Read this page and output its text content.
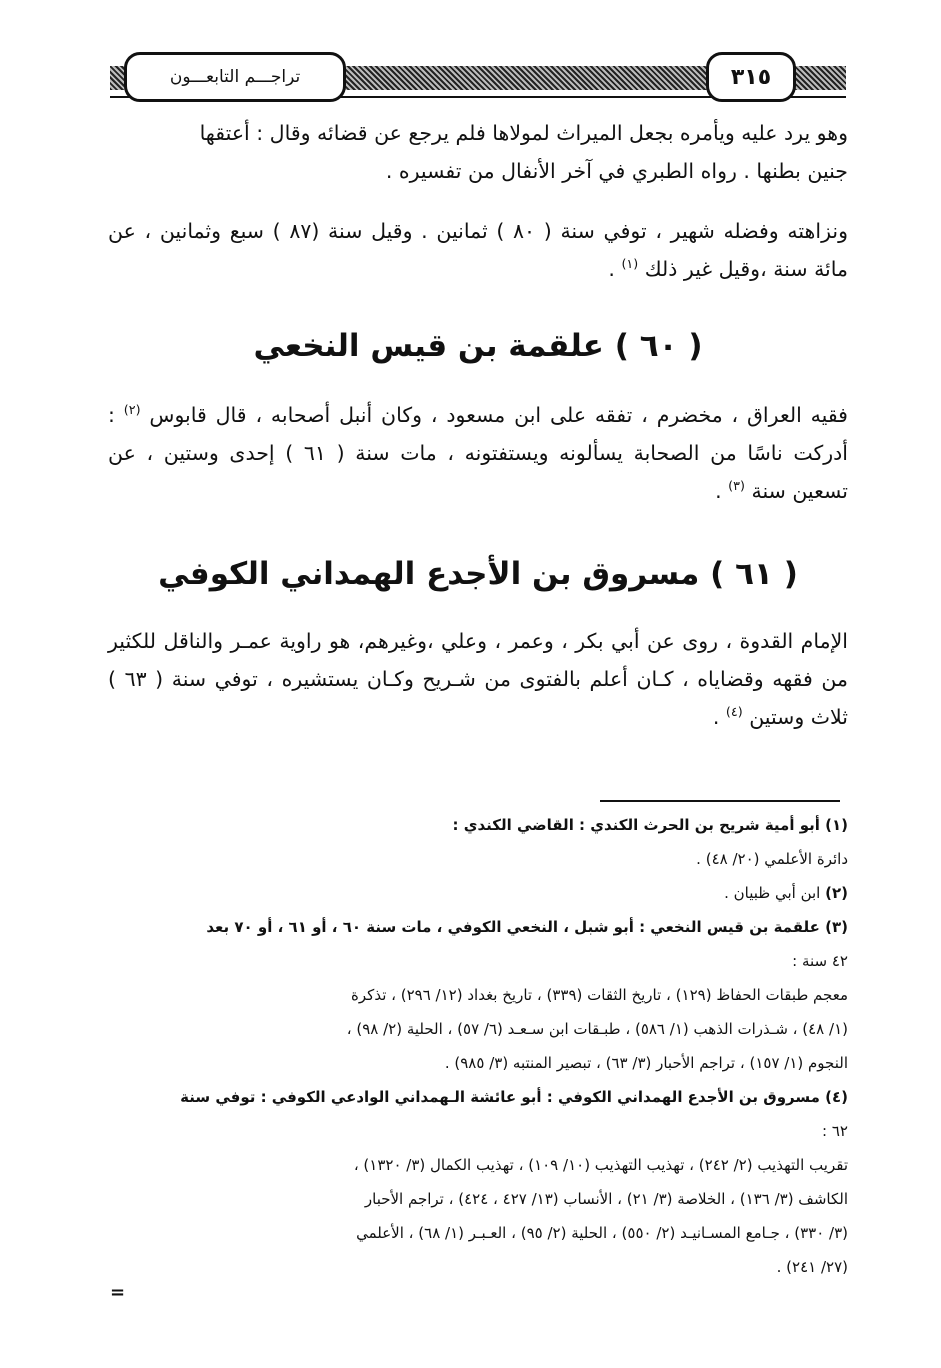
٣١٥
تراجـــم التابعـــون
وهو يرد عليه ويأمره بجعل الميراث لمولاها فلم يرجع عن قضائه وقال : أعتقها
جنين بطنها . رواه الطبري في آخر الأنفال من تفسيره .
ونزاهته وفضله شهير ، توفي سنة ( ٨٠ ) ثمانين . وقيل سنة (٨٧ ) سبع وثمانين ، عن مائة سنة ،وقيل غير ذلك $^{(١)}$ .
( ٦٠ ) علقمة بن قيس النخعي
فقيه العراق ، مخضرم ، تفقه على ابن مسعود ، وكان أنبل أصحابه ، قال قابوس $^{(٢)}$ : أدركت ناسًا من الصحابة يسألونه ويستفتونه ، مات سنة ( ٦١ ) إحدى وستين ، عن تسعين سنة $^{(٣)}$ .
( ٦١ ) مسروق بن الأجدع الهمداني الكوفي
الإمام القدوة ، روى عن أبي بكر ، وعمر ، وعلي ،وغيرهم، هو راوية عمـر والناقل للكثير من فقهه وقضاياه ، كـان أعلم بالفتوى من شـريح وكـان يستشيره ، توفي سنة ( ٦٣ ) ثلاث وستين $^{(٤)}$ .
(١) أبو أمية شريح بن الحرث الكندي : القاضي الكندي :
دائرة الأعلمي (٢٠/ ٤٨) .
(٢) ابن أبي ظبيان .
(٣) علقمة بن قيس النخعي : أبو شبل ، النخعي الكوفي ، مات سنة ٦٠ ، أو ٦١ ، أو ٧٠ بعد
٤٢ سنة :
معجم طبقات الحفاظ (١٢٩) ، تاريخ الثقات (٣٣٩) ، تاريخ بغداد (١٢/ ٢٩٦) ، تذكرة
(١/ ٤٨) ، شـذرات الذهب (١/ ٥٨٦) ، طبـقات ابن سـعـد (٦/ ٥٧) ، الحلية (٢/ ٩٨) ،
النجوم (١/ ١٥٧) ، تراجم الأحبار (٣/ ٦٣) ، تبصير المنتبه (٣/ ٩٨٥) .
(٤) مسروق بن الأجدع الهمداني الكوفي : أبو عائشة الـهمداني الوادعي الكوفي : توفي سنة
٦٢ :
تقريب التهذيب (٢/ ٢٤٢) ، تهذيب التهذيب (١٠/ ١٠٩) ، تهذيب الكمال (٣/ ١٣٢٠) ،
الكاشف (٣/ ١٣٦) ، الخلاصة (٣/ ٢١) ، الأنساب (١٣/ ٤٢٧ ، ٤٢٤) ، تراجم الأحبار
(٣/ ٣٣٠) ، جـامع المسـانيـد (٢/ ٥٥٠) ، الحلية (٢/ ٩٥) ، العـبـر (١/ ٦٨) ، الأعلمي
(٢٧/ ٢٤١) .
=
